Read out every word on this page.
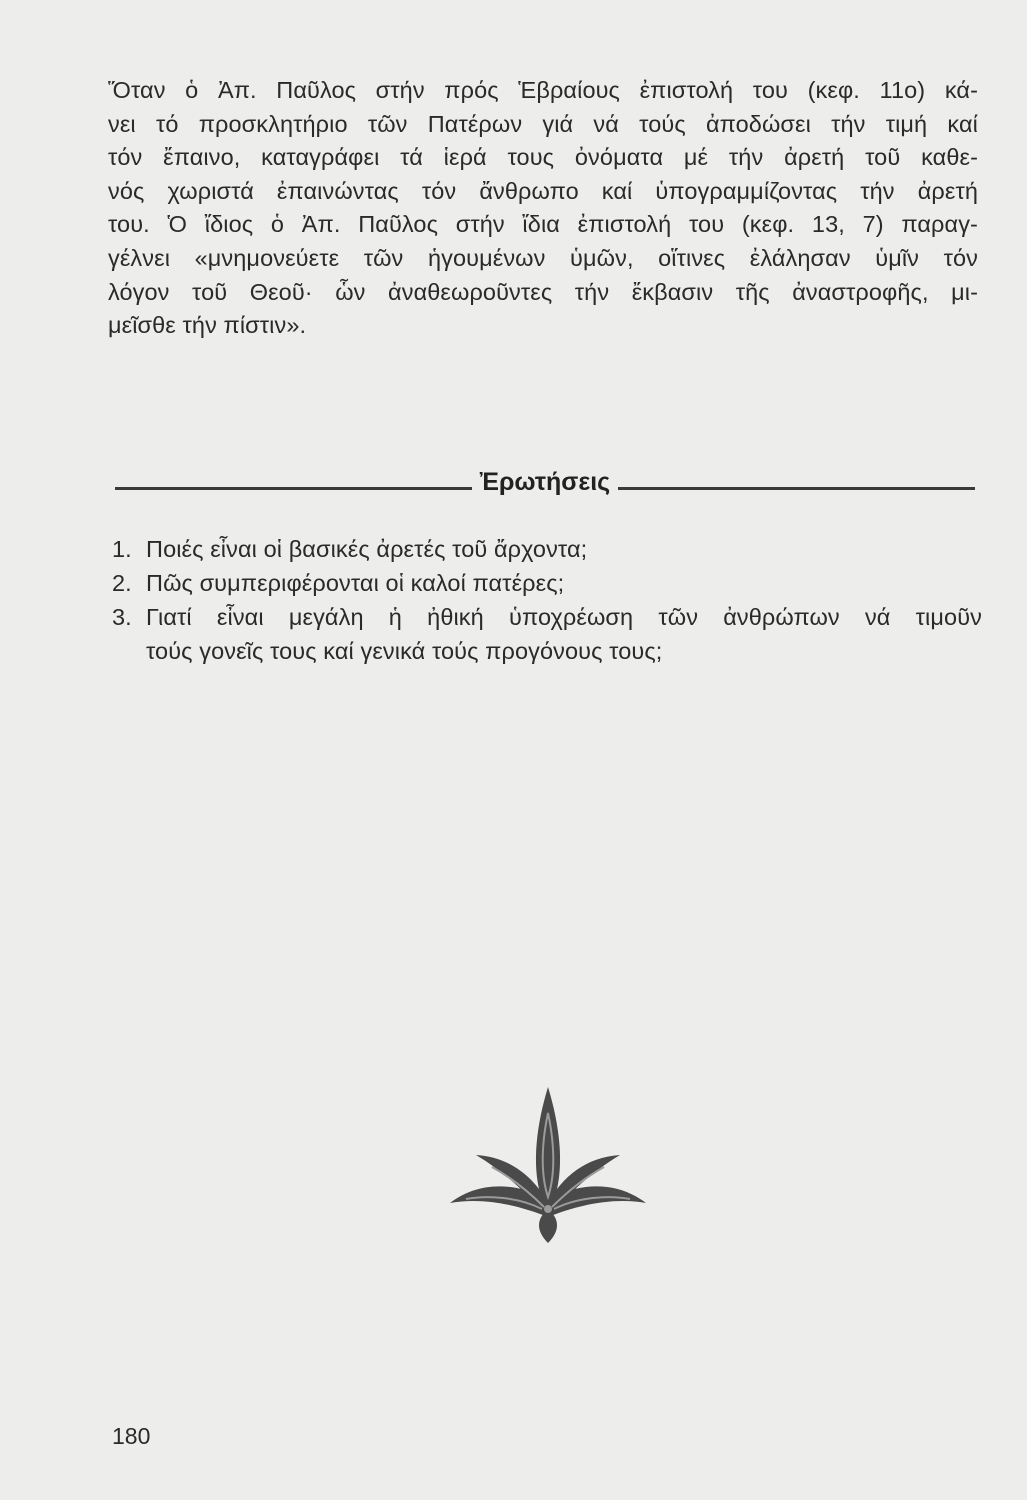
Ὅταν ὁ Ἀπ. Παῦλος στήν πρός Ἑβραίους ἐπιστολή του (κεφ. 11ο) κά-
νει τό προσκλητήριο τῶν Πατέρων γιά νά τούς ἀποδώσει τήν τιμή καί
τόν ἔπαινο, καταγράφει τά ἱερά τους ὀνόματα μέ τήν ἀρετή τοῦ καθε-
νός χωριστά ἐπαινώντας τόν ἄνθρωπο καί ὑπογραμμίζοντας τήν ἀρετή
του. Ὁ ἴδιος ὁ Ἀπ. Παῦλος στήν ἴδια ἐπιστολή του (κεφ. 13, 7) παραγ-
γέλνει «μνημονεύετε τῶν ἡγουμένων ὑμῶν, οἵτινες ἐλάλησαν ὑμῖν τόν
λόγον τοῦ Θεοῦ· ὧν ἀναθεωροῦντες τήν ἔκβασιν τῆς ἀναστροφῆς, μι-
μεῖσθε τήν πίστιν».
Ἐρωτήσεις
1. Ποιές εἶναι οἱ βασικές ἀρετές τοῦ ἄρχοντα;
2. Πῶς συμπεριφέρονται οἱ καλοί πατέρες;
3. Γιατί εἶναι μεγάλη ἡ ἠθική ὑποχρέωση τῶν ἀνθρώπων νά τιμοῦν
τούς γονεῖς τους καί γενικά τούς προγόνους τους;
180
